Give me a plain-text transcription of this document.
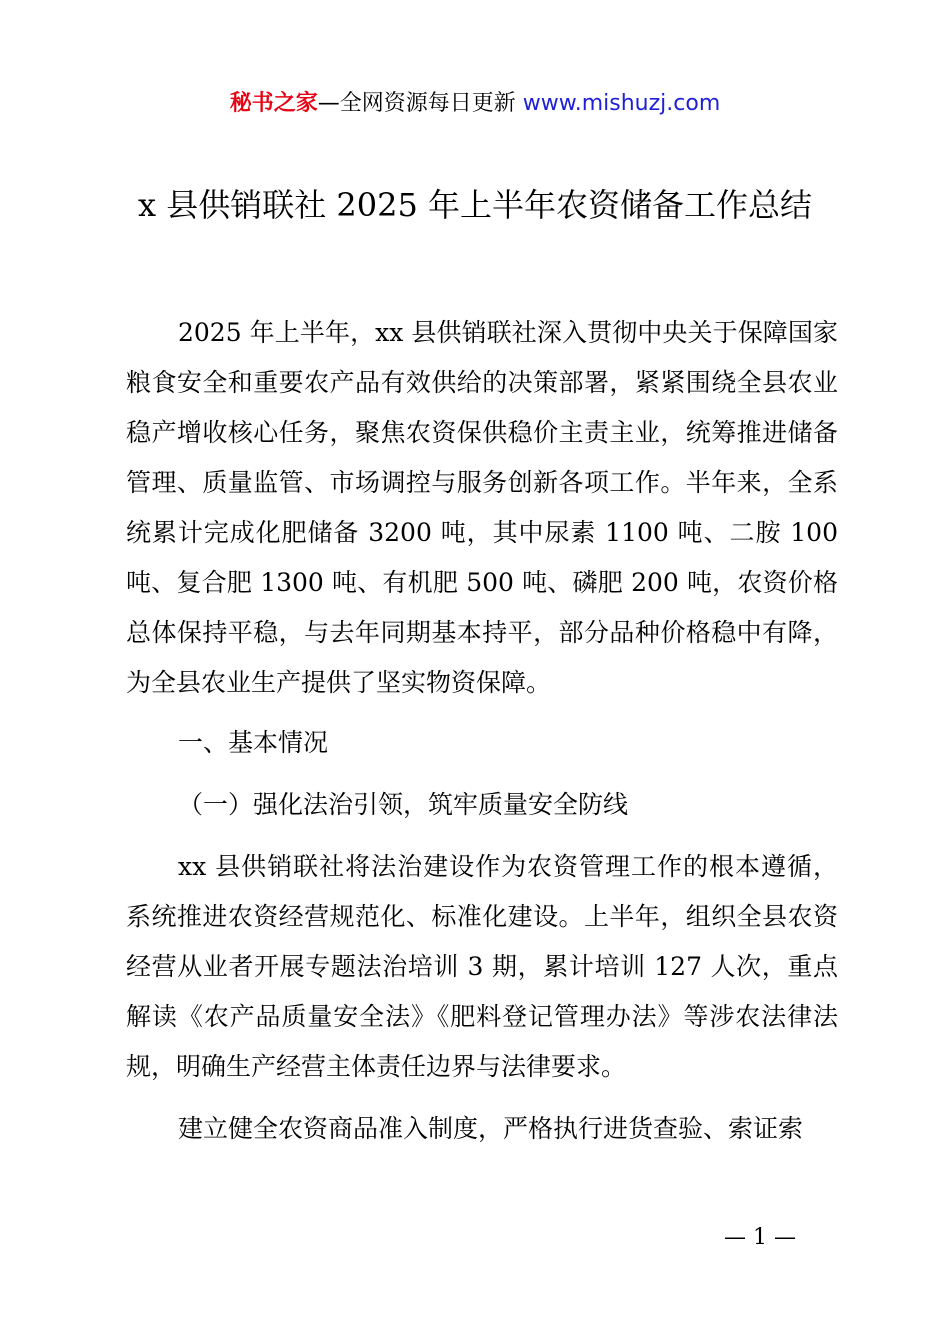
秘书之家—全网资源每日更新 www.mishuzj.com
x 县供销联社 2025 年上半年农资储备工作总结

2025 年上半年，xx 县供销联社深入贯彻中央关于保障国家粮食安全和重要农产品有效供给的决策部署，紧紧围绕全县农业稳产增收核心任务，聚焦农资保供稳价主责主业，统筹推进储备管理、质量监管、市场调控与服务创新各项工作。半年来，全系统累计完成化肥储备 3200 吨，其中尿素 1100 吨、二胺 100 吨、复合肥 1300 吨、有机肥 500 吨、磷肥 200 吨，农资价格总体保持平稳，与去年同期基本持平，部分品种价格稳中有降，为全县农业生产提供了坚实物资保障。

一、基本情况

（一）强化法治引领，筑牢质量安全防线

xx 县供销联社将法治建设作为农资管理工作的根本遵循，系统推进农资经营规范化、标准化建设。上半年，组织全县农资经营从业者开展专题法治培训 3 期，累计培训 127 人次，重点解读《农产品质量安全法》《肥料登记管理办法》等涉农法律法规，明确生产经营主体责任边界与法律要求。

建立健全农资商品准入制度，严格执行进货查验、索证索

— 1 —
